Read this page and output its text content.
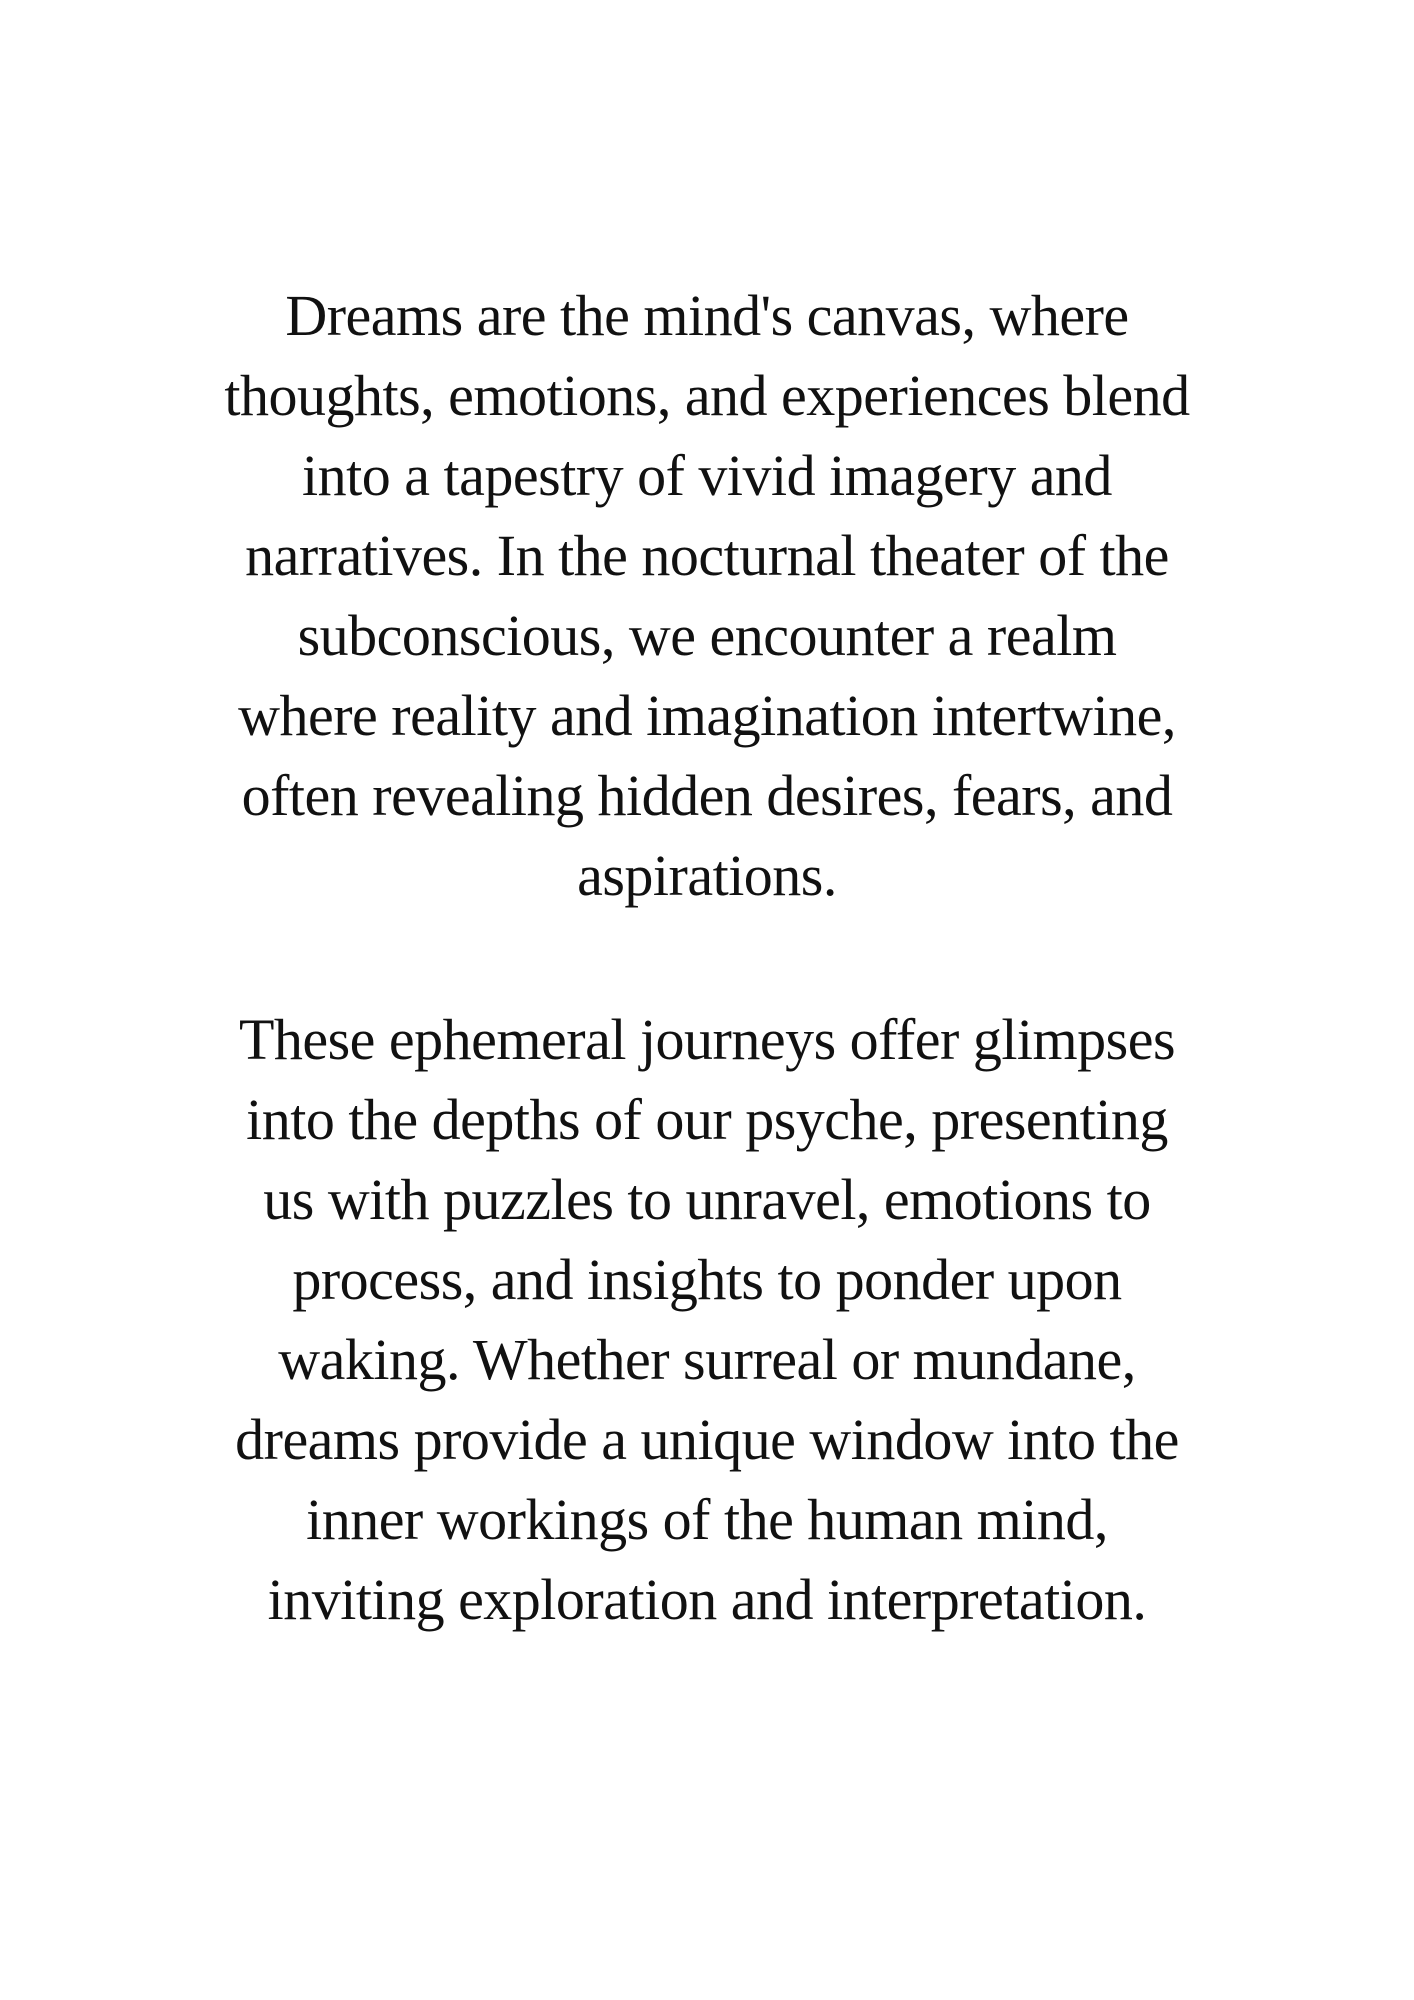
Dreams are the mind's canvas, where
thoughts, emotions, and experiences blend
into a tapestry of vivid imagery and
narratives. In the nocturnal theater of the
subconscious, we encounter a realm
where reality and imagination intertwine,
often revealing hidden desires, fears, and
aspirations.
These ephemeral journeys offer glimpses
into the depths of our psyche, presenting
us with puzzles to unravel, emotions to
process, and insights to ponder upon
waking. Whether surreal or mundane,
dreams provide a unique window into the
inner workings of the human mind,
inviting exploration and interpretation.
